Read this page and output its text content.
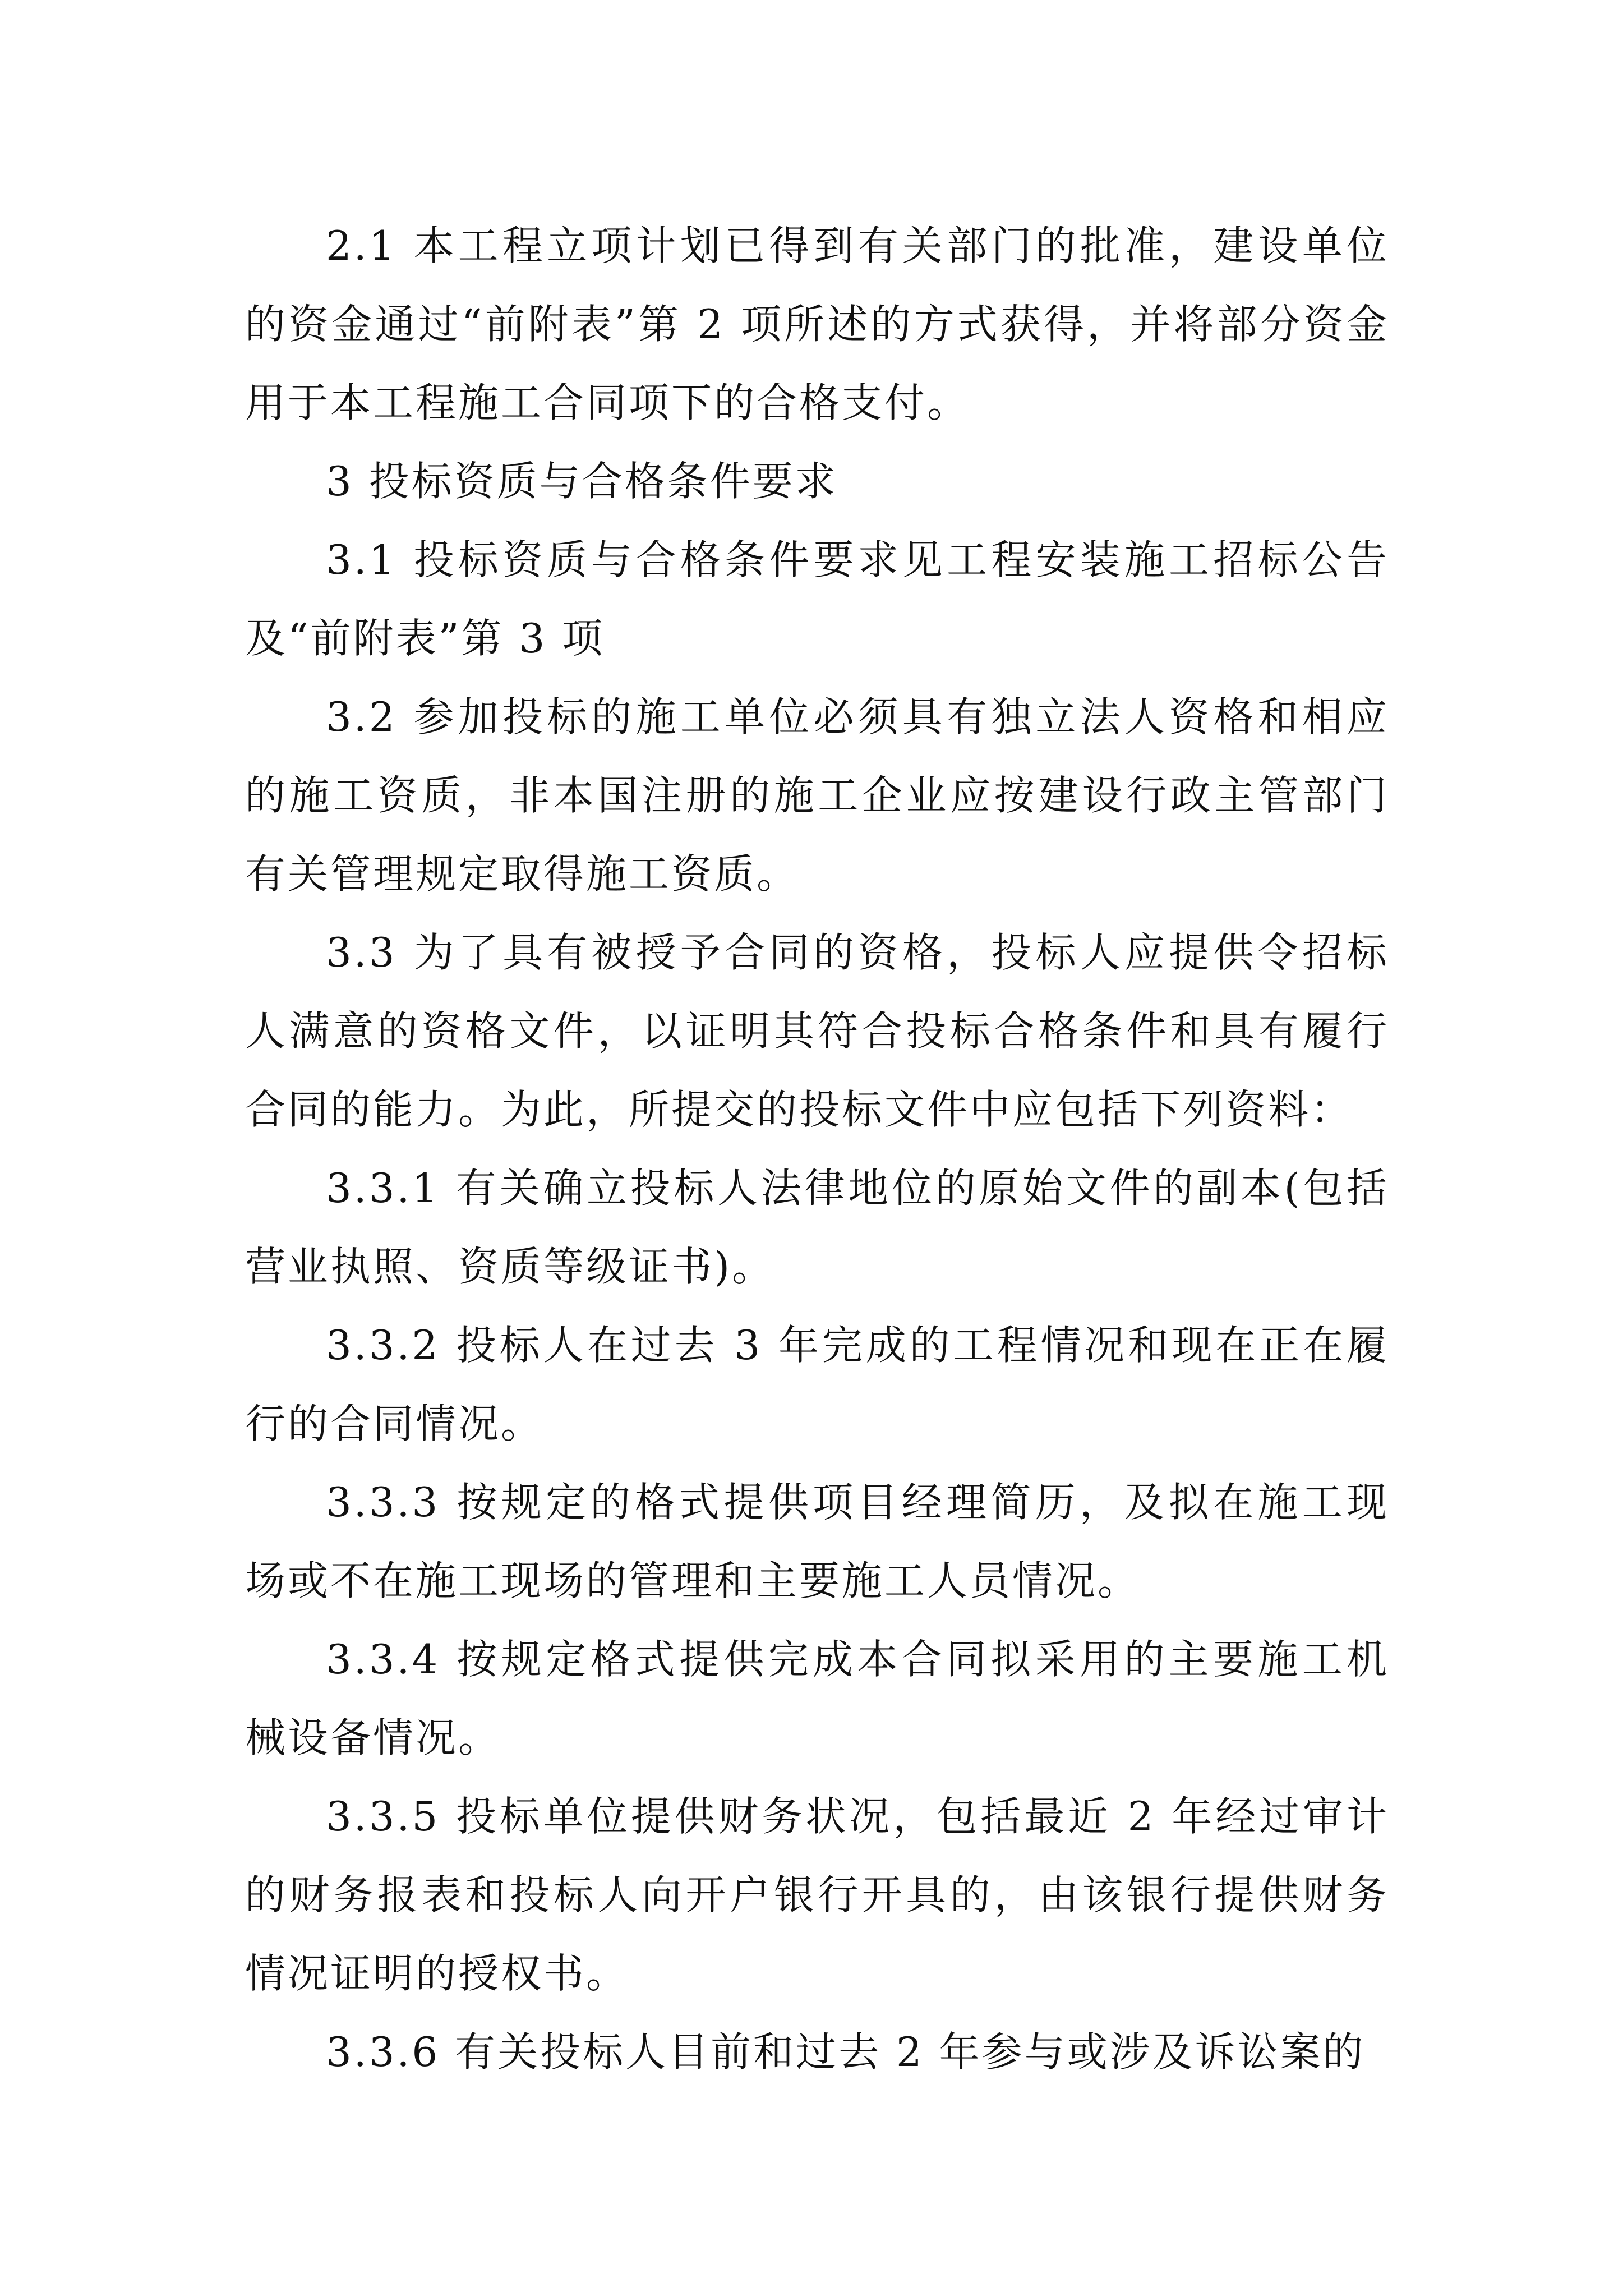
2.1 本工程立项计划已得到有关部门的批准，建设单位的资金通过“前附表”第 2 项所述的方式获得，并将部分资金用于本工程施工合同项下的合格支付。

3 投标资质与合格条件要求

3.1 投标资质与合格条件要求见工程安装施工招标公告及“前附表”第 3 项

3.2 参加投标的施工单位必须具有独立法人资格和相应的施工资质，非本国注册的施工企业应按建设行政主管部门有关管理规定取得施工资质。

3.3 为了具有被授予合同的资格，投标人应提供令招标人满意的资格文件，以证明其符合投标合格条件和具有履行合同的能力。为此，所提交的投标文件中应包括下列资料：

3.3.1 有关确立投标人法律地位的原始文件的副本(包括营业执照、资质等级证书)。

3.3.2 投标人在过去 3 年完成的工程情况和现在正在履行的合同情况。

3.3.3 按规定的格式提供项目经理简历，及拟在施工现场或不在施工现场的管理和主要施工人员情况。

3.3.4 按规定格式提供完成本合同拟采用的主要施工机械设备情况。

3.3.5 投标单位提供财务状况，包括最近 2 年经过审计的财务报表和投标人向开户银行开具的，由该银行提供财务情况证明的授权书。

3.3.6 有关投标人目前和过去 2 年参与或涉及诉讼案的
